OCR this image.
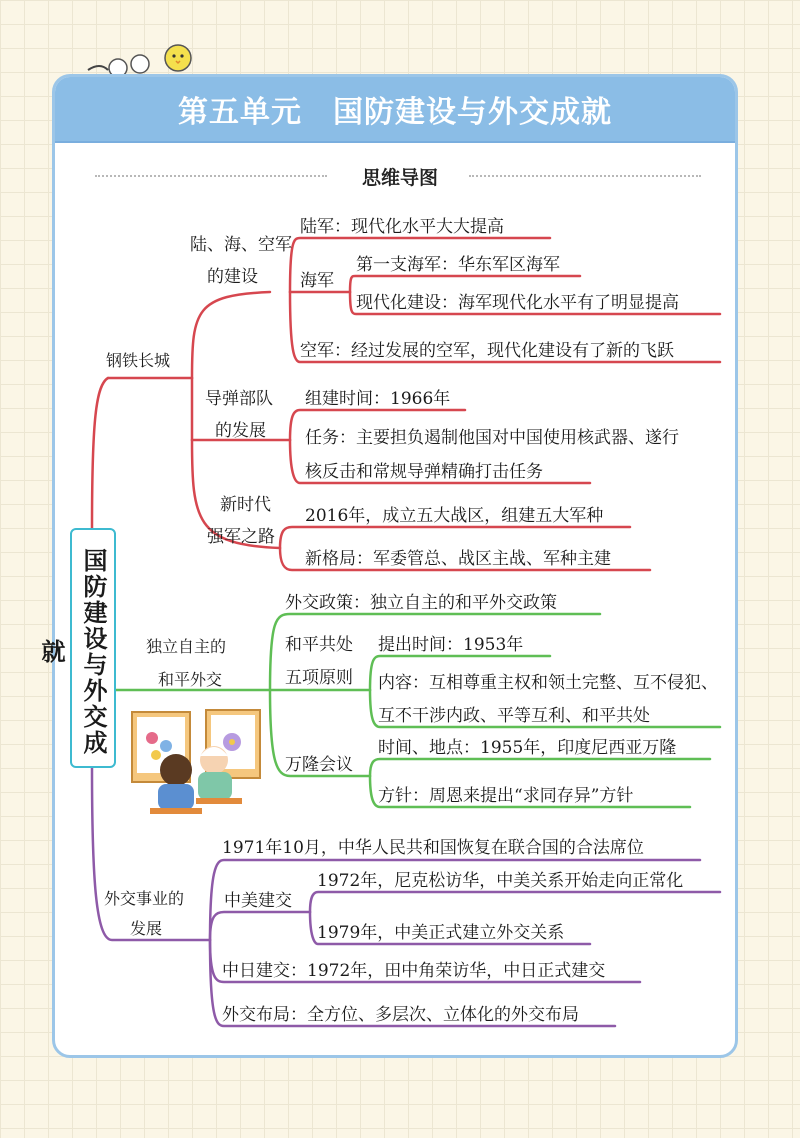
第五单元　国防建设与外交成就
思维导图
钢铁长城
陆、海、空军
的建设
陆军：现代化水平大大提高
海军
第一支海军：华东军区海军
现代化建设：海军现代化水平有了明显提高
空军：经过发展的空军，现代化建设有了新的飞跃
导弹部队
的发展
组建时间：1966年
任务：主要担负遏制他国对中国使用核武器、遂行
核反击和常规导弹精确打击任务
新时代
强军之路
2016年，成立五大战区，组建五大军种
新格局：军委管总、战区主战、军种主建
独立自主的
和平外交
外交政策：独立自主的和平外交政策
和平共处
五项原则
提出时间：1953年
内容：互相尊重主权和领土完整、互不侵犯、
互不干涉内政、平等互利、和平共处
万隆会议
时间、地点：1955年，印度尼西亚万隆
方针：周恩来提出“求同存异”方针
外交事业的
发展
1971年10月，中华人民共和国恢复在联合国的合法席位
中美建交
1972年，尼克松访华，中美关系开始走向正常化
1979年，中美正式建立外交关系
中日建交：1972年，田中角荣访华，中日正式建交
外交布局：全方位、多层次、立体化的外交布局
国防建设与外交成就
